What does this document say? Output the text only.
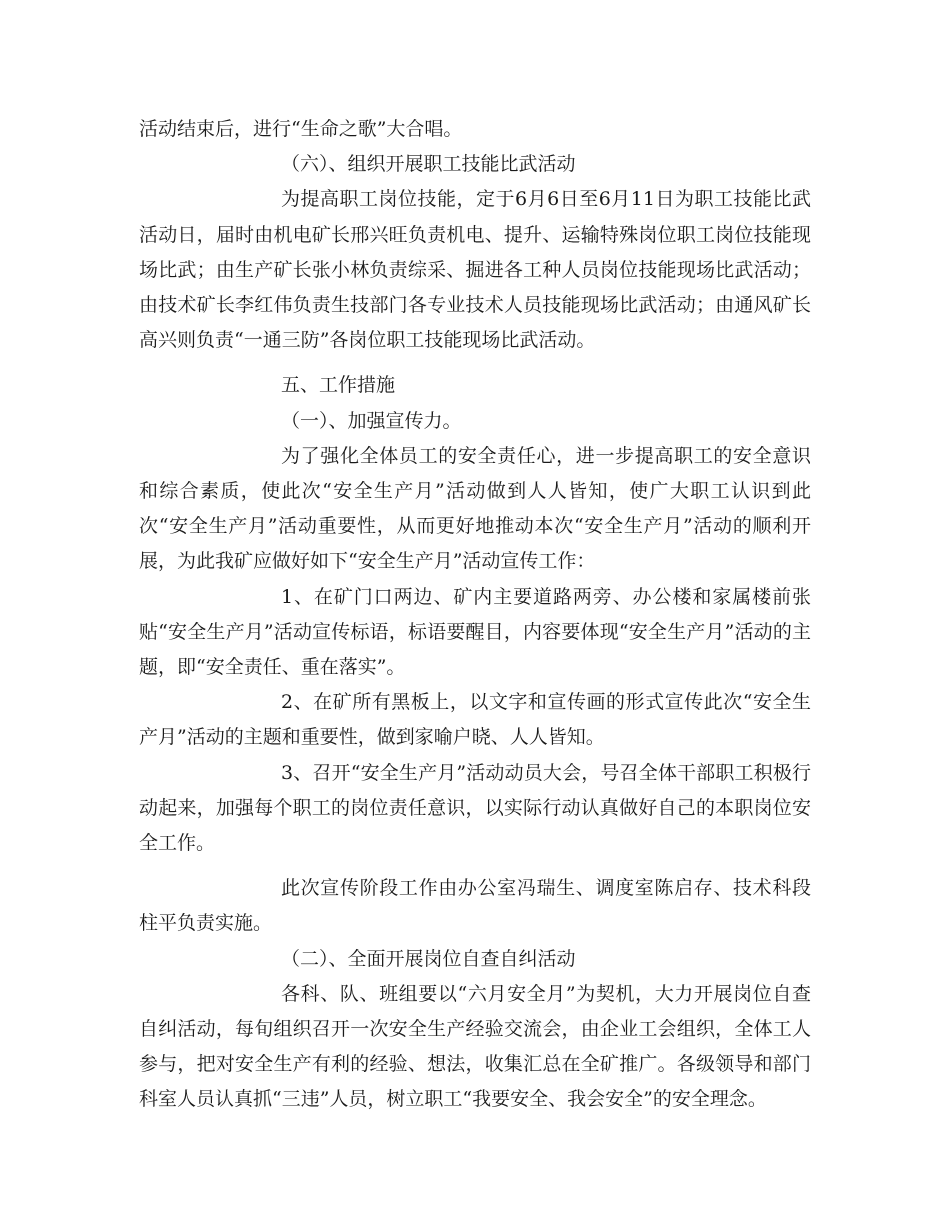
活动结束后，进行“生命之歌”大合唱。

（六）、组织开展职工技能比武活动

为提高职工岗位技能，定于6月6日至6月11日为职工技能比武活动日，届时由机电矿长邢兴旺负责机电、提升、运输特殊岗位职工岗位技能现场比武；由生产矿长张小林负责综采、掘进各工种人员岗位技能现场比武活动；由技术矿长李红伟负责生技部门各专业技术人员技能现场比武活动；由通风矿长高兴则负责“一通三防”各岗位职工技能现场比武活动。

五、工作措施

（一）、加强宣传力。

为了强化全体员工的安全责任心，进一步提高职工的安全意识和综合素质，使此次“安全生产月”活动做到人人皆知，使广大职工认识到此次“安全生产月”活动重要性，从而更好地推动本次“安全生产月”活动的顺利开展，为此我矿应做好如下“安全生产月”活动宣传工作：

1、在矿门口两边、矿内主要道路两旁、办公楼和家属楼前张贴“安全生产月”活动宣传标语，标语要醒目，内容要体现“安全生产月”活动的主题，即“安全责任、重在落实”。

2、在矿所有黑板上，以文字和宣传画的形式宣传此次“安全生产月”活动的主题和重要性，做到家喻户晓、人人皆知。

3、召开“安全生产月”活动动员大会，号召全体干部职工积极行动起来，加强每个职工的岗位责任意识，以实际行动认真做好自己的本职岗位安全工作。

此次宣传阶段工作由办公室冯瑞生、调度室陈启存、技术科段柱平负责实施。

（二）、全面开展岗位自查自纠活动

各科、队、班组要以“六月安全月”为契机，大力开展岗位自查自纠活动，每旬组织召开一次安全生产经验交流会，由企业工会组织，全体工人参与，把对安全生产有利的经验、想法，收集汇总在全矿推广。各级领导和部门科室人员认真抓“三违”人员，树立职工“我要安全、我会安全”的安全理念。
